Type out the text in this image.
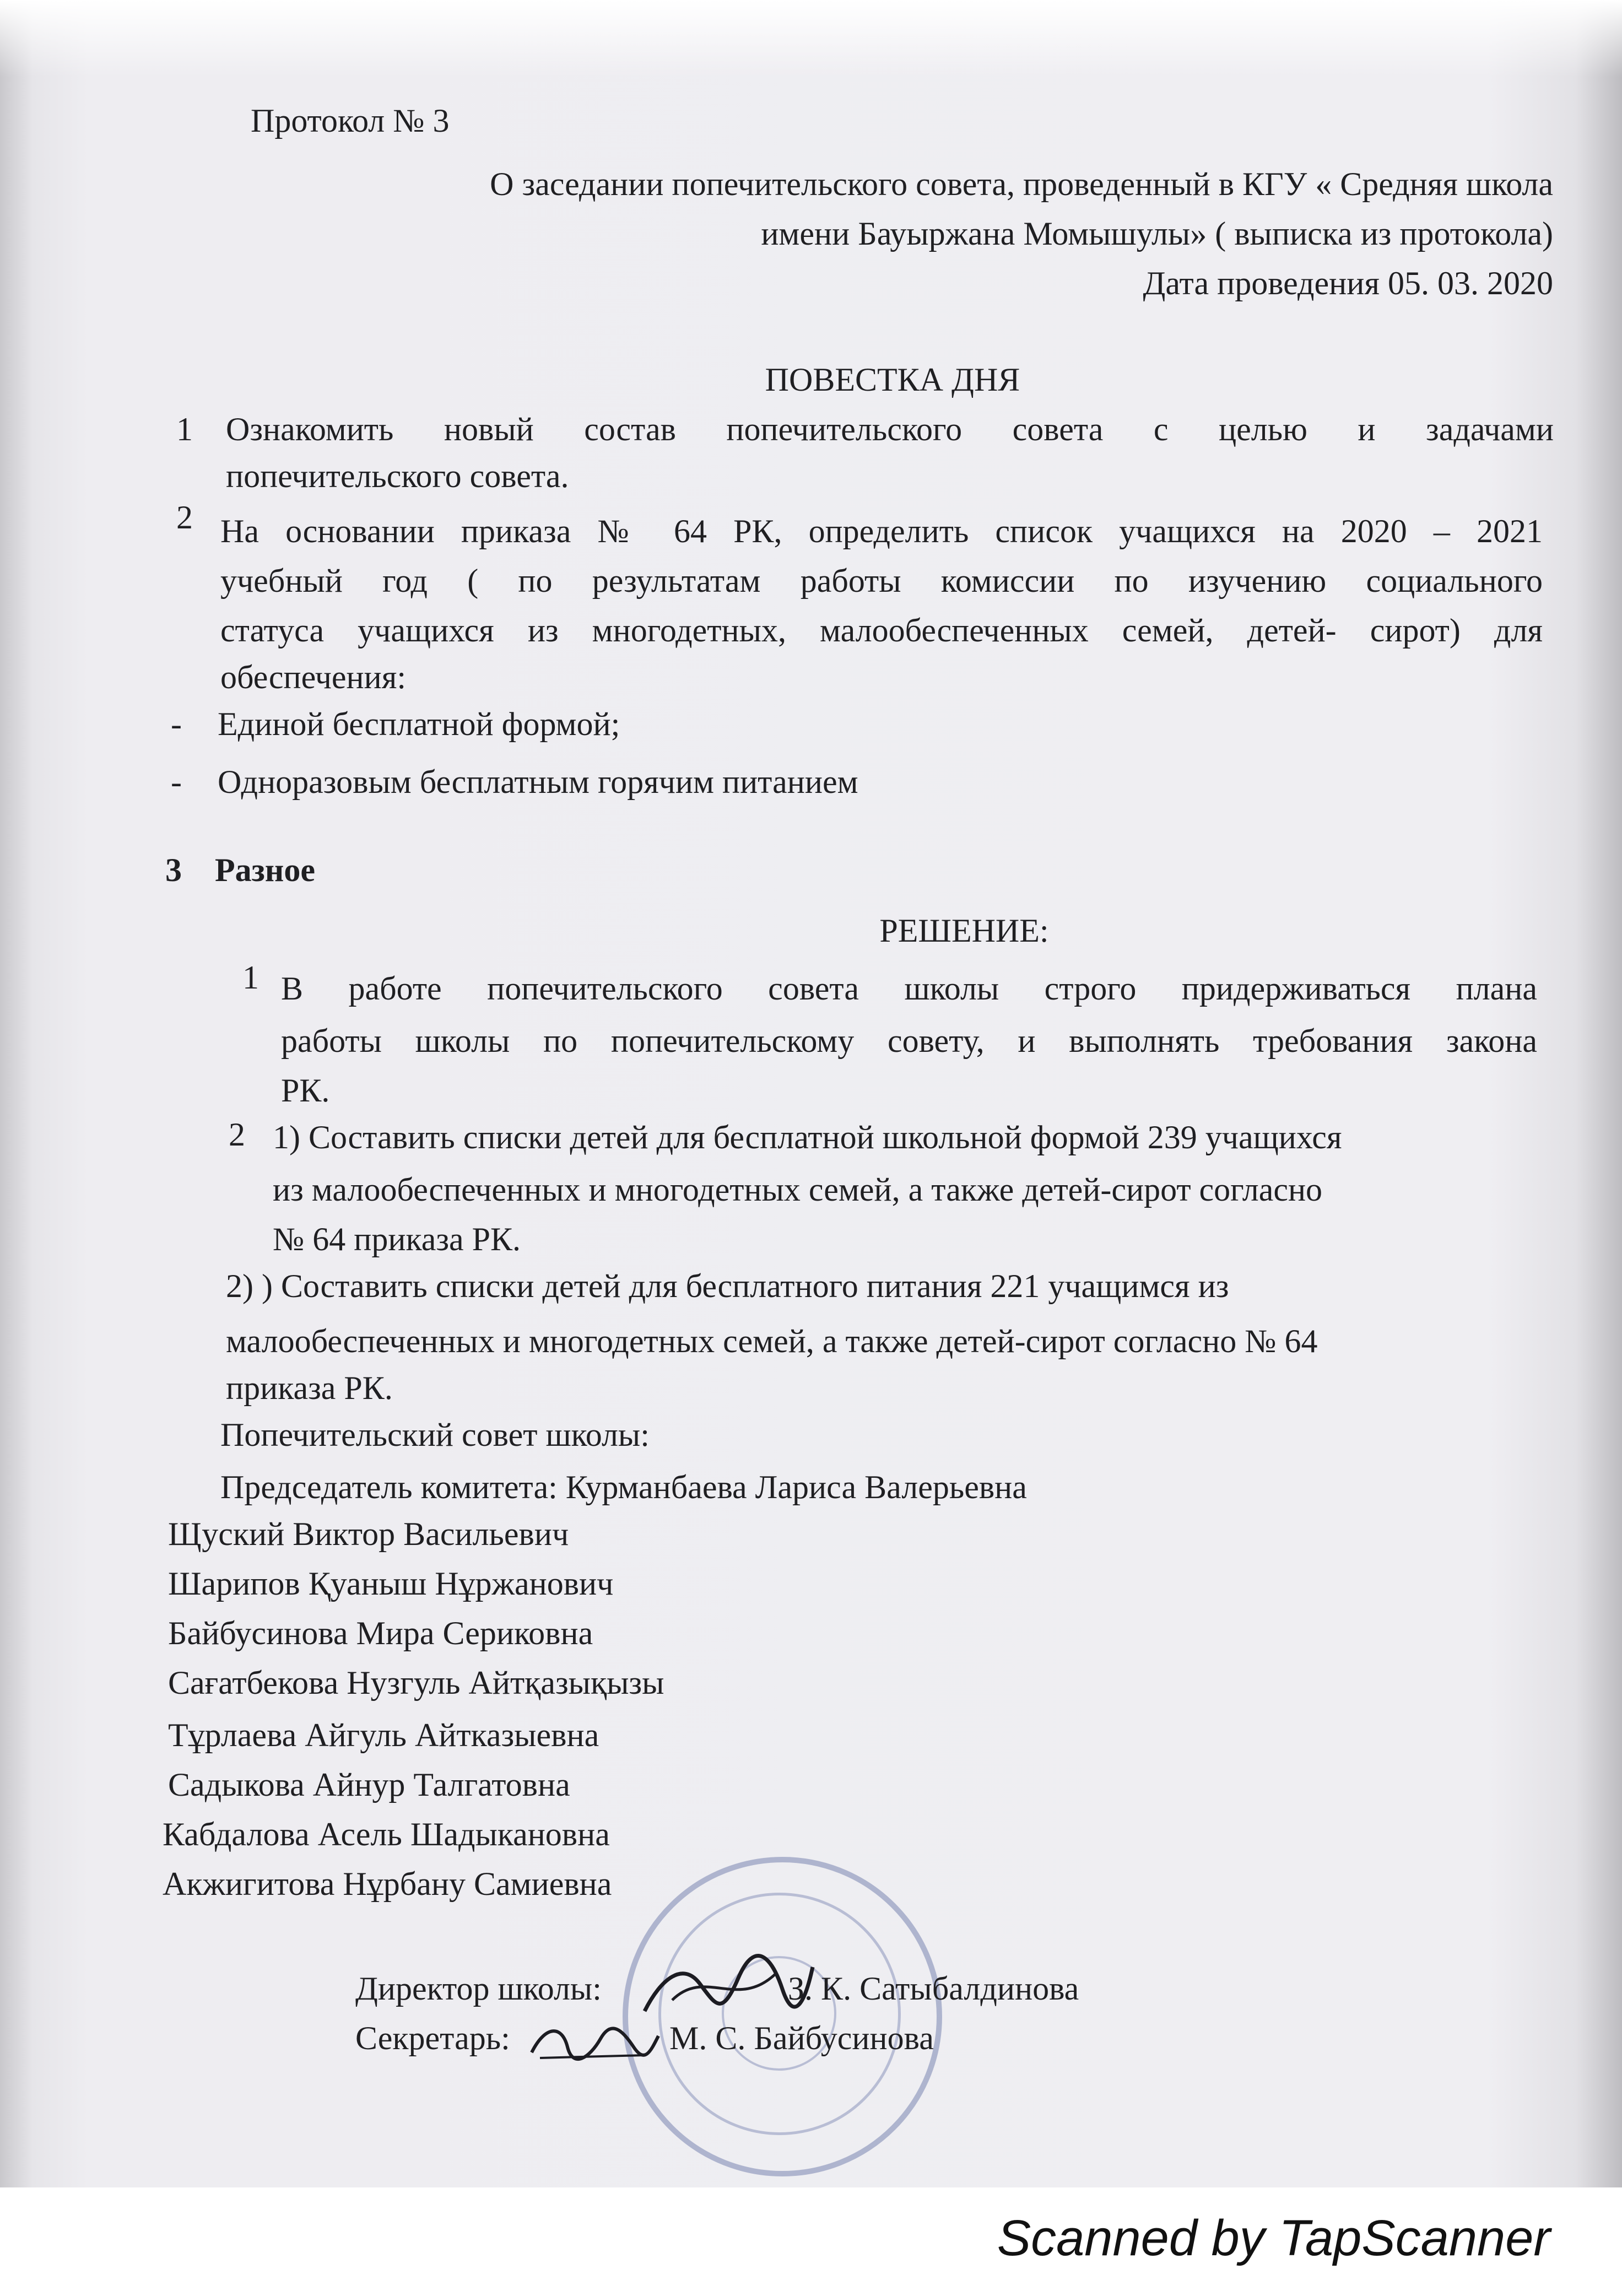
Протокол № 3
О заседании попечительского совета, проведенный в КГУ « Средняя школа
имени Бауыржана Момышулы» ( выписка из протокола)
Дата проведения 05. 03. 2020
ПОВЕСТКА ДНЯ
1 Ознакомить новый состав попечительского совета с целью и задачами
попечительского совета.
2 На основании приказа № 64 РК, определить список учащихся на 2020 – 2021
учебный год ( по результатам работы комиссии по изучению социального
статуса учащихся из многодетных, малообеспеченных семей, детей- сирот) для
обеспечения:
- Единой бесплатной формой;
- Одноразовым бесплатным горячим питанием
3 Разное
РЕШЕНИЕ:
1 В работе попечительского совета школы строго придерживаться плана
работы школы по попечительскому совету, и выполнять требования закона
РК.
2 1) Составить списки детей для бесплатной школьной формой 239 учащихся
из малообеспеченных и многодетных семей, а также детей-сирот согласно
№ 64 приказа РК.
2) ) Составить списки детей для бесплатного питания 221 учащимся из
малообеспеченных и многодетных семей, а также детей-сирот согласно № 64
приказа РК.
Попечительский совет школы:
Председатель комитета: Курманбаева Лариса Валерьевна
Щуский Виктор Васильевич
Шарипов Қуаныш Нұржанович
Байбусинова Мира Сериковна
Сағатбекова Нузгуль Айтқазықызы
Тұрлаева Айгуль Айтказыевна
Садыкова Айнур Талгатовна
Кабдалова Асель Шадыкановна
Акжигитова Нұрбану Самиевна
Директор школы:	З. К. Сатыбалдинова
Секретарь:	М. С. Байбусинова
Scanned by TapScanner
